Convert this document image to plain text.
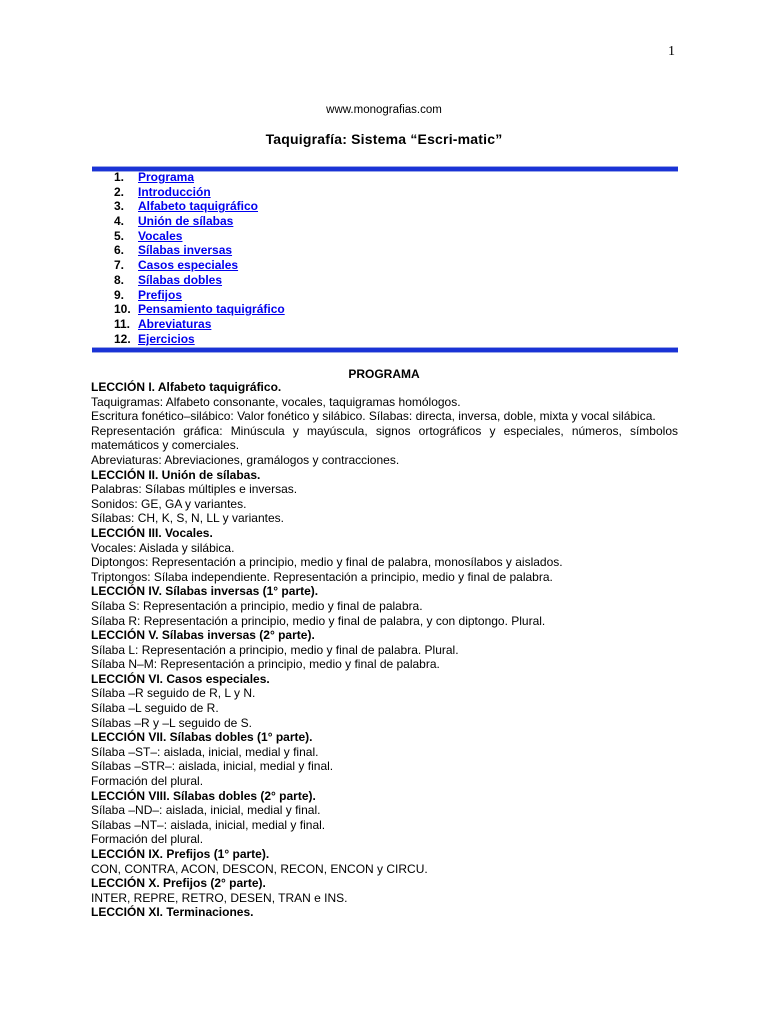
1
www.monografias.com
Taquigrafía: Sistema “Escri-matic”
1. Programa
2. Introducción
3. Alfabeto taquigráfico
4. Unión de sílabas
5. Vocales
6. Sílabas inversas
7. Casos especiales
8. Sílabas dobles
9. Prefijos
10. Pensamiento taquigráfico
11. Abreviaturas
12. Ejercicios
PROGRAMA

LECCIÓN I. Alfabeto taquigráfico.

Taquigramas: Alfabeto consonante, vocales, taquigramas homólogos.

Escritura fonético–silábico: Valor fonético y silábico. Sílabas: directa, inversa, doble, mixta y vocal silábica.

Representación gráfica: Minúscula y mayúscula, signos ortográficos y especiales, números, símbolos matemáticos y comerciales.

Abreviaturas: Abreviaciones, gramálogos y contracciones.

LECCIÓN II. Unión de sílabas.

Palabras: Sílabas múltiples e inversas.

Sonidos: GE, GA y variantes.

Sílabas: CH, K, S, N, LL y variantes.

LECCIÓN III. Vocales.

Vocales: Aislada y silábica.

Diptongos: Representación a principio, medio y final de palabra, monosílabos y aislados.

Triptongos: Sílaba independiente. Representación a principio, medio y final de palabra.

LECCIÓN IV. Sílabas inversas (1° parte).

Sílaba S: Representación a principio, medio y final de palabra.

Sílaba R: Representación a principio, medio y final de palabra, y con diptongo. Plural.

LECCIÓN V. Sílabas inversas (2° parte).

Sílaba L: Representación a principio, medio y final de palabra. Plural.

Sílaba N–M: Representación a principio, medio y final de palabra.

LECCIÓN VI. Casos especiales.

Sílaba –R seguido de R, L y N.

Sílaba –L seguido de R.

Sílabas –R y –L seguido de S.

LECCIÓN VII. Sílabas dobles (1° parte).

Sílaba –ST–: aislada, inicial, medial y final.

Sílabas –STR–: aislada, inicial, medial y final.

Formación del plural.

LECCIÓN VIII. Sílabas dobles (2° parte).

Sílaba –ND–: aislada, inicial, medial y final.

Sílabas –NT–: aislada, inicial, medial y final.

Formación del plural.

LECCIÓN IX. Prefijos (1° parte).

CON, CONTRA, ACON, DESCON, RECON, ENCON y CIRCU.

LECCIÓN X. Prefijos (2° parte).

INTER, REPRE, RETRO, DESEN, TRAN e INS.

LECCIÓN XI. Terminaciones.
